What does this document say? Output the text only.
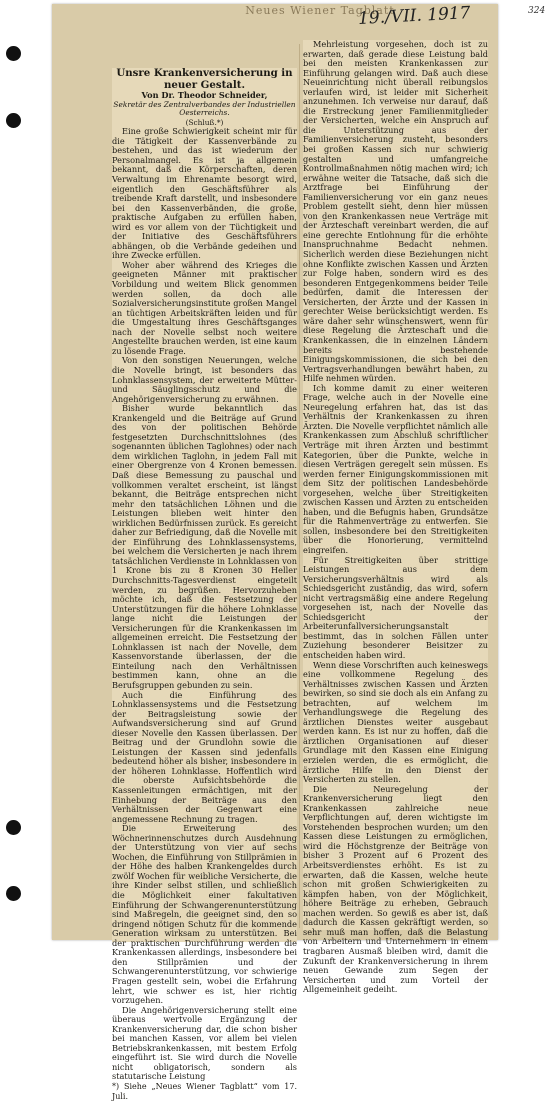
Neues Wiener Tagblatt
19./VII. 1917	324

Unsre Krankenversicherung in neuer Gestalt.

Von Dr. Theodor Schneider,

Sekretär des Zentralverbandes der Industriellen Oesterreichs.

(Schluß.*)

Eine große Schwierigkeit scheint mir für die Tätigkeit der Kassenverbände zu bestehen, und das ist wiederum der Personalmangel. Es ist ja allgemein bekannt, daß die Körperschaften, deren Verwaltung im Ehrenamte besorgt wird, eigentlich den Geschäftsführer als treibende Kraft darstellt, und insbesondere bei den Kassenverbänden, die große, praktische Aufgaben zu erfüllen haben, wird es vor allem von der Tüchtigkeit und der Initiative des Geschäftsführers abhängen, ob die Verbände gedeihen und ihre Zwecke erfüllen.

Woher aber während des Krieges die geeigneten Männer mit praktischer Vorbildung und weitem Blick genommen werden sollen, da doch alle Sozialversicherungsinstitute großen Mangel an tüchtigen Arbeitskräften leiden und für die Umgestaltung ihres Geschäftsganges nach der Novelle selbst noch weitere Angestellte brauchen werden, ist eine kaum zu lösende Frage.

Von den sonstigen Neuerungen, welche die Novelle bringt, ist besonders das Lohnklassensystem, der erweiterte Mütter- und Säuglingsschutz und die Angehörigenversicherung zu erwähnen.

Bisher wurde bekanntlich das Krankengeld und die Beiträge auf Grund des von der politischen Behörde festgesetzten Durchschnittslohnes (des sogenannten üblichen Taglohnes) oder nach dem wirklichen Taglohn, in jedem Fall mit einer Obergrenze von 4 Kronen bemessen. Daß diese Bemessung zu pauschal und vollkommen veraltet erscheint, ist längst bekannt, die Beiträge entsprechen nicht mehr den tatsächlichen Löhnen und die Leistungen blieben weit hinter den wirklichen Bedürfnissen zurück. Es gereicht daher zur Befriedigung, daß die Novelle mit der Einführung des Lohnklassensystems, bei welchem die Versicherten je nach ihrem tatsächlichen Verdienste in Lohnklassen von 1 Krone bis zu 8 Kronen 30 Heller Durchschnitts-Tagesverdienst eingeteilt werden, zu begrüßen. Hervorzuheben möchte ich, daß die Festsetzung der Unterstützungen für die höhere Lohnklasse lange nicht die Leistungen der Versicherungen für die Krankenkassen im allgemeinen erreicht. Die Festsetzung der Lohnklassen ist nach der Novelle, dem Kassenvorstande überlassen, der die Einteilung nach den Verhältnissen bestimmen kann, ohne an die Berufsgruppen gebunden zu sein.

Auch die Einführung des Lohnklassensystems und die Festsetzung der Beitragsleistung sowie der Aufwandsversicherung sind auf Grund dieser Novelle den Kassen überlassen. Der Beitrag und der Grundlohn sowie die Leistungen der Kassen sind jedenfalls bedeutend höher als bisher, insbesondere in der höheren Lohnklasse. Hoffentlich wird die oberste Aufsichtsbehörde die Kassenleitungen ermächtigen, mit der Einhebung der Beiträge aus den Verhältnissen der Gegenwart eine angemessene Rechnung zu tragen.

Die Erweiterung des Wöchnerinnenschutzes durch Ausdehnung der Unterstützung von vier auf sechs Wochen, die Einführung von Stillprämien in der Höhe des halben Krankengeldes durch zwölf Wochen für weibliche Versicherte, die ihre Kinder selbst stillen, und schließlich die Möglichkeit einer fakultativen Einführung der Schwangerenunterstützung sind Maßregeln, die geeignet sind, den so dringend nötigen Schutz für die kommende Generation wirksam zu unterstützen. Bei der praktischen Durchführung werden die Krankenkassen allerdings, insbesondere bei den Stillprämien und der Schwangerenunterstützung, vor schwierige Fragen gestellt sein, wobei die Erfahrung lehrt, wie schwer es ist, hier richtig vorzugehen.

Die Angehörigenversicherung stellt eine überaus wertvolle Ergänzung der Krankenversicherung dar, die schon bisher bei manchen Kassen, vor allem bei vielen Betriebskrankenkassen, mit bestem Erfolg eingeführt ist. Sie wird durch die Novelle nicht obligatorisch, sondern als statutarische Leistung

*) Siehe „Neues Wiener Tagblatt“ vom 17. Juli.

Mehrleistung vorgesehen, doch ist zu erwarten, daß gerade diese Leistung bald bei den meisten Krankenkassen zur Einführung gelangen wird. Daß auch diese Neueinrichtung nicht überall reibungslos verlaufen wird, ist leider mit Sicherheit anzunehmen. Ich verweise nur darauf, daß die Erstreckung jener Familienmitglieder der Versicherten, welche ein Anspruch auf die Unterstützung aus der Familienversicherung zusteht, besonders bei großen Kassen sich nur schwierig gestalten und umfangreiche Kontrollmaßnahmen nötig machen wird; ich erwähne weiter die Tatsache, daß sich die Arztfrage bei Einführung der Familienversicherung vor ein ganz neues Problem gestellt sieht, denn hier müssen von den Krankenkassen neue Verträge mit der Ärzteschaft vereinbart werden, die auf eine gerechte Entlohnung für die erhöhte Inanspruchnahme Bedacht nehmen. Sicherlich werden diese Beziehungen nicht ohne Konflikte zwischen Kassen und Ärzten zur Folge haben, sondern wird es des besonderen Entgegenkommens beider Teile bedürfen, damit die Interessen der Versicherten, der Ärzte und der Kassen in gerechter Weise berücksichtigt werden. Es wäre daher sehr wünschenswert, wenn für diese Regelung die Ärzteschaft und die Krankenkassen, die in einzelnen Ländern bereits bestehende Einigungskommissionen, die sich bei den Vertragsverhandlungen bewährt haben, zu Hilfe nehmen würden.

Ich komme damit zu einer weiteren Frage, welche auch in der Novelle eine Neuregelung erfahren hat, das ist das Verhältnis der Krankenkassen zu ihren Ärzten. Die Novelle verpflichtet nämlich alle Krankenkassen zum Abschluß schriftlicher Verträge mit ihren Ärzten und bestimmt Kategorien, über die Punkte, welche in diesen Verträgen geregelt sein müssen. Es werden ferner Einigungskommissionen mit dem Sitz der politischen Landesbehörde vorgesehen, welche über Streitigkeiten zwischen Kassen und Ärzten zu entscheiden haben, und die Befugnis haben, Grundsätze für die Rahmenverträge zu entwerfen. Sie sollen, insbesondere bei den Streitigkeiten über die Honorierung, vermittelnd eingreifen.

Für Streitigkeiten über strittige Leistungen aus dem Versicherungsverhältnis wird als Schiedsgericht zuständig, das wird, sofern nicht vertragsmäßig eine andere Regelung vorgesehen ist, nach der Novelle das Schiedsgericht der Arbeiterunfallversicherungsanstalt bestimmt, das in solchen Fällen unter Zuziehung besonderer Beisitzer zu entscheiden haben wird.

Wenn diese Vorschriften auch keineswegs eine vollkommene Regelung des Verhältnisses zwischen Kassen und Ärzten bewirken, so sind sie doch als ein Anfang zu betrachten, auf welchem im Verhandlungswege die Regelung des ärztlichen Dienstes weiter ausgebaut werden kann. Es ist nur zu hoffen, daß die ärztlichen Organisationen auf dieser Grundlage mit den Kassen eine Einigung erzielen werden, die es ermöglicht, die ärztliche Hilfe in den Dienst der Versicherten zu stellen.

Die Neuregelung der Krankenversicherung liegt den Krankenkassen zahlreiche neue Verpflichtungen auf, deren wichtigste im Vorstehenden besprochen wurden; um den Kassen diese Leistungen zu ermöglichen, wird die Höchstgrenze der Beiträge von bisher 3 Prozent auf 6 Prozent des Arbeitsverdienstes erhöht. Es ist zu erwarten, daß die Kassen, welche heute schon mit großen Schwierigkeiten zu kämpfen haben, von der Möglichkeit, höhere Beiträge zu erheben, Gebrauch machen werden. So gewiß es aber ist, daß dadurch die Kassen gekräftigt werden, so sehr muß man hoffen, daß die Belastung von Arbeitern und Unternehmern in einem tragbaren Ausmaß bleiben wird, damit die Zukunft der Krankenversicherung in ihrem neuen Gewande zum Segen der Versicherten und zum Vorteil der Allgemeinheit gedeiht.
